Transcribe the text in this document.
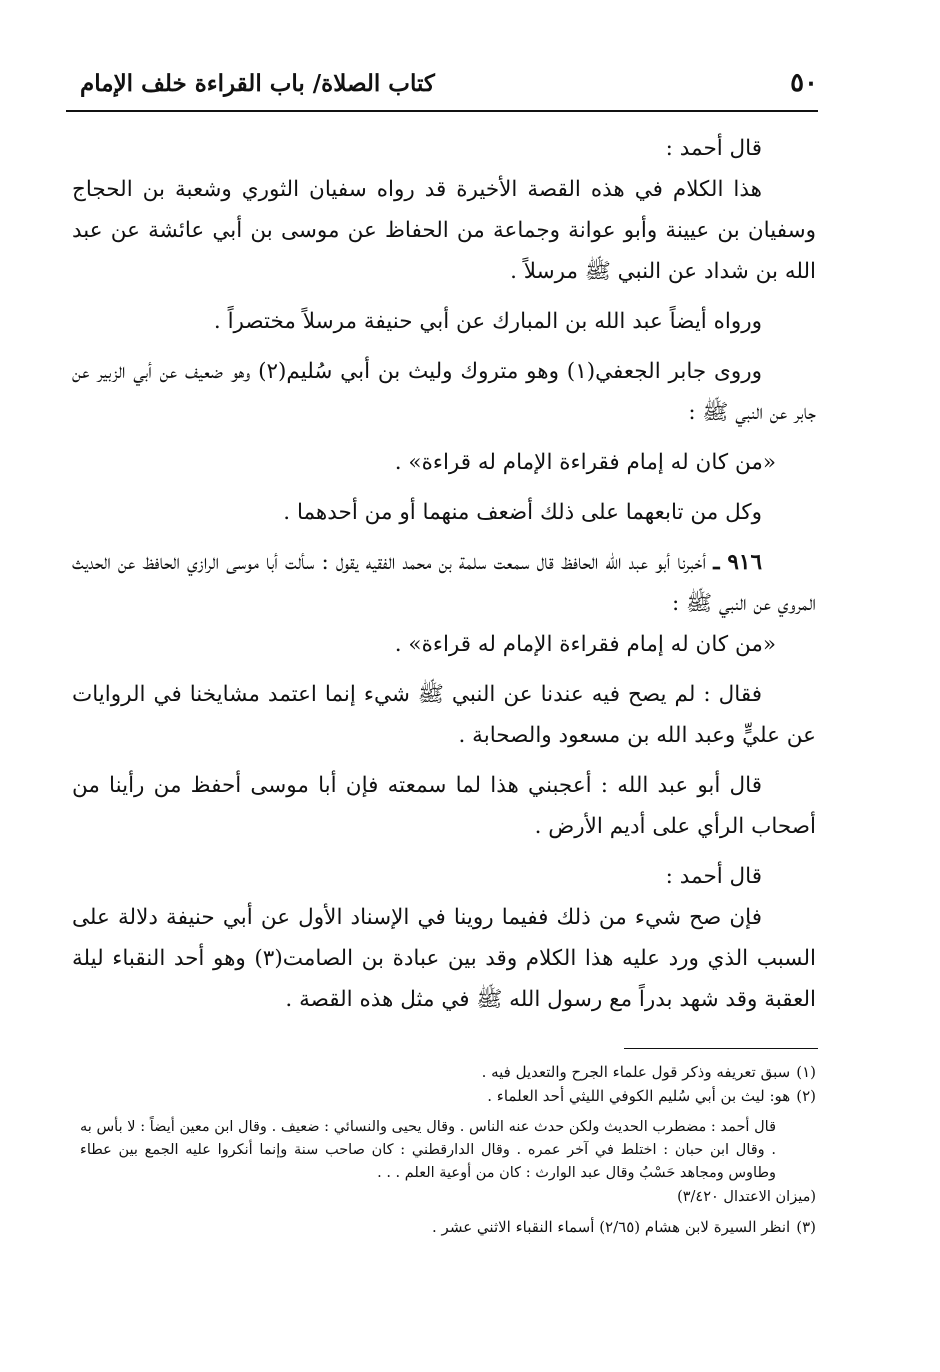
٥٠
كتاب الصلاة/ باب القراءة خلف الإمام

قال أحمد :

هذا الكلام في هذه القصة الأخيرة قد رواه سفيان الثوري وشعبة بن الحجاج وسفيان بن عيينة وأبو عوانة وجماعة من الحفاظ عن موسى بن أبي عائشة عن عبد الله بن شداد عن النبي ﷺ مرسلاً .

ورواه أيضاً عبد الله بن المبارك عن أبي حنيفة مرسلاً مختصراً .

وروى جابر الجعفي(١) وهو متروك وليث بن أبي سُليم(٢) وهو ضعيف عن أبي الزبير عن جابر عن النبي ﷺ :

«من كان له إمام فقراءة الإمام له قراءة» .

وكل من تابعهما على ذلك أضعف منهما أو من أحدهما .

٩١٦ ـ أخبرنا أبو عبد الله الحافظ قال سمعت سلمة بن محمد الفقيه يقول : سألت أبا موسى الرازي الحافظ عن الحديث المروي عن النبي ﷺ :

«من كان له إمام فقراءة الإمام له قراءة» .

فقال : لم يصح فيه عندنا عن النبي ﷺ شيء إنما اعتمد مشايخنا في الروايات عن عليٍّ وعبد الله بن مسعود والصحابة .

قال أبو عبد الله : أعجبني هذا لما سمعته فإن أبا موسى أحفظ من رأينا من أصحاب الرأي على أديم الأرض .

قال أحمد :

فإن صح شيء من ذلك ففيما روينا في الإسناد الأول عن أبي حنيفة دلالة على السبب الذي ورد عليه هذا الكلام وقد بين عبادة بن الصامت(٣) وهو أحد النقباء ليلة العقبة وقد شهد بدراً مع رسول الله ﷺ في مثل هذه القصة .

(١)سبق تعريفه وذكر قول علماء الجرح والتعديل فيه .

(٢)هو: ليث بن أبي سُليم الكوفي الليثي أحد العلماء .

قال أحمد : مضطرب الحديث ولكن حدث عنه الناس . وقال يحيى والنسائي : ضعيف . وقال ابن معين أيضاً : لا بأس به . وقال ابن حبان : اختلط في آخر عمره . وقال الدارقطني : كان صاحب سنة وإنما أنكروا عليه الجمع بين عطاء وطاوس ومجاهد حَسْبُ وقال عبد الوارث : كان من أوعية العلم . . .

(ميزان الاعتدال ٣/٤٢٠)

(٣)انظر السيرة لابن هشام (٢/٦٥) أسماء النقباء الاثني عشر .
